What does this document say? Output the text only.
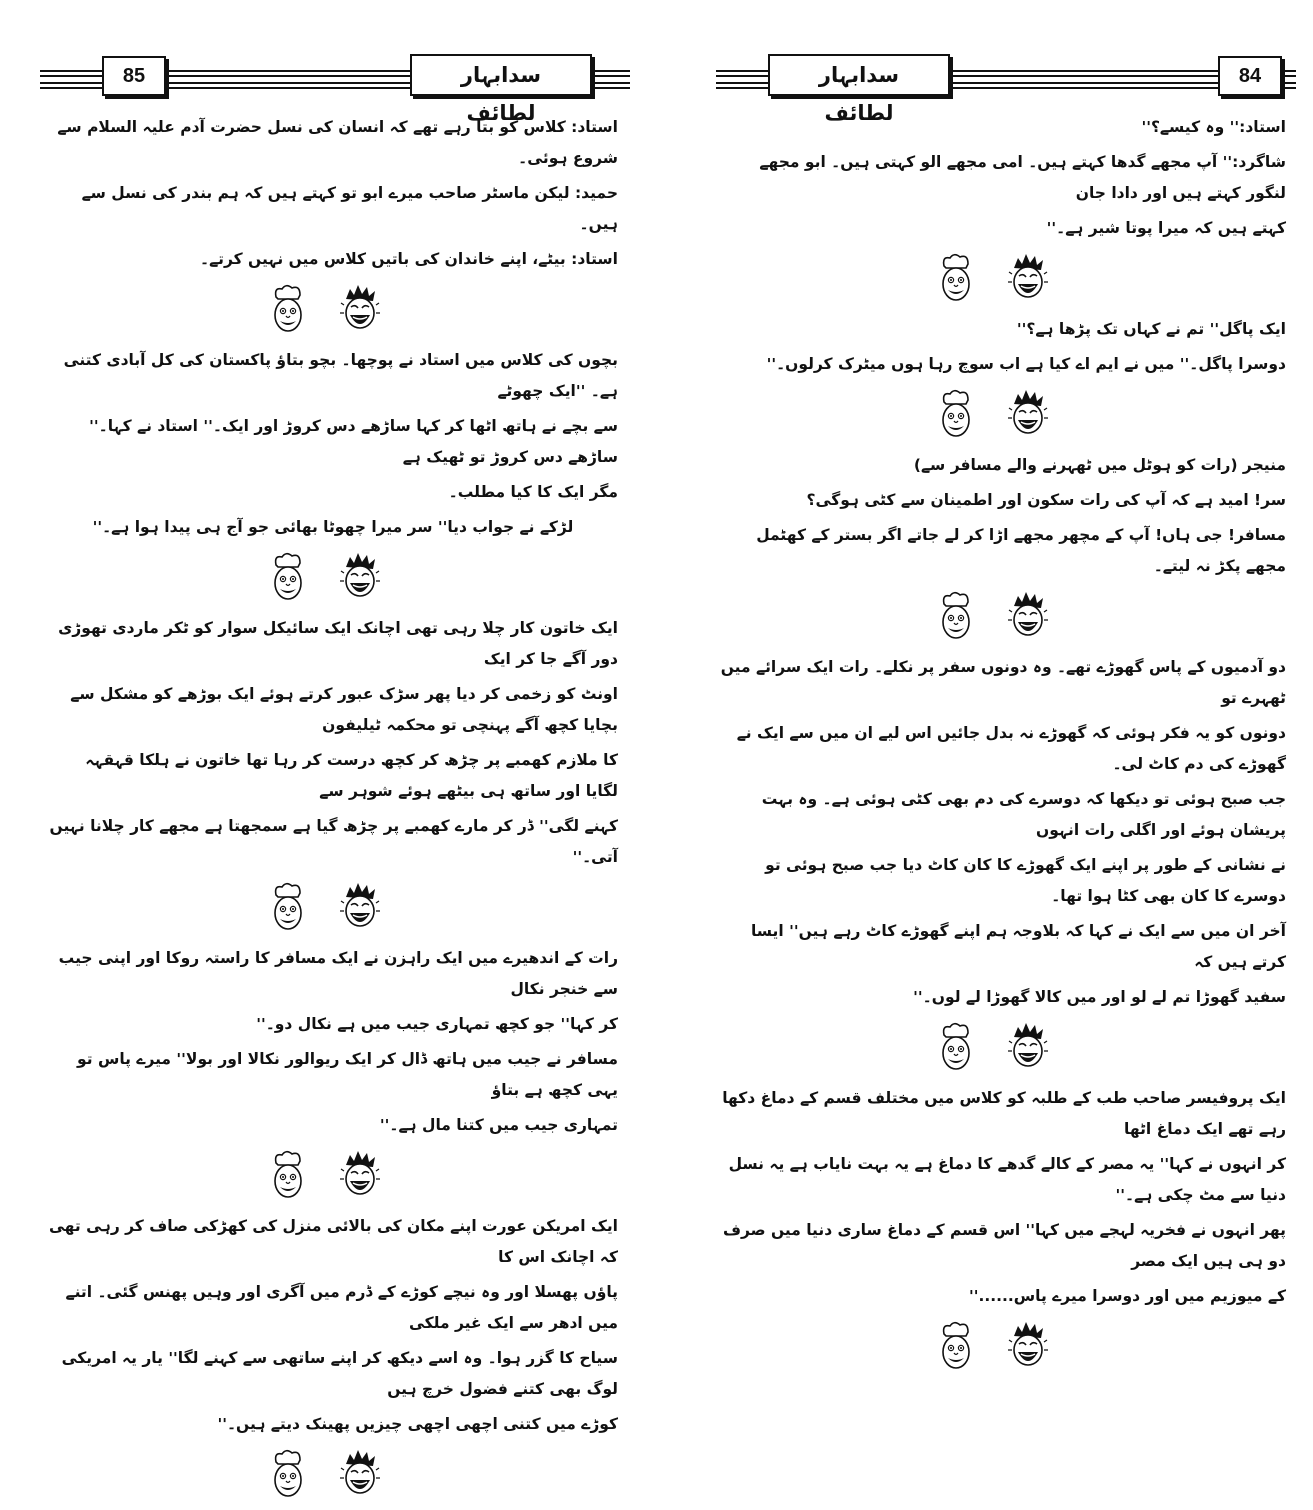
85	سدابہار لطائف
استاد: کلاس کو بتا رہے تھے کہ انسان کی نسل حضرت آدم علیہ السلام سے شروع ہوئی۔
حمید: لیکن ماسٹر صاحب میرے ابو تو کہتے ہیں کہ ہم بندر کی نسل سے ہیں۔
استاد: بیٹے، اپنے خاندان کی باتیں کلاس میں نہیں کرتے۔
بچوں کی کلاس میں استاد نے پوچھا۔ بچو بتاؤ پاکستان کی کل آبادی کتنی ہے۔ ''ایک چھوٹے
سے بچے نے ہاتھ اٹھا کر کہا ساڑھے دس کروڑ اور ایک۔'' استاد نے کہا۔'' ساڑھے دس کروڑ تو ٹھیک ہے
مگر ایک کا کیا مطلب۔
لڑکے نے جواب دیا'' سر میرا چھوٹا بھائی جو آج ہی پیدا ہوا ہے۔''
ایک خاتون کار چلا رہی تھی اچانک ایک سائیکل سوار کو ٹکر ماردی تھوڑی دور آگے جا کر ایک
اونٹ کو زخمی کر دیا پھر سڑک عبور کرتے ہوئے ایک بوڑھے کو مشکل سے بچایا کچھ آگے پہنچی تو محکمہ ٹیلیفون
کا ملازم کھمبے پر چڑھ کر کچھ درست کر رہا تھا خاتون نے ہلکا قہقہہ لگایا اور ساتھ ہی بیٹھے ہوئے شوہر سے
کہنے لگی'' ڈر کر مارے کھمبے پر چڑھ گیا ہے سمجھتا ہے مجھے کار چلانا نہیں آتی۔''
رات کے اندھیرے میں ایک راہزن نے ایک مسافر کا راستہ روکا اور اپنی جیب سے خنجر نکال
کر کہا'' جو کچھ تمہاری جیب میں ہے نکال دو۔''
مسافر نے جیب میں ہاتھ ڈال کر ایک ریوالور نکالا اور بولا'' میرے پاس تو یہی کچھ ہے بتاؤ
تمہاری جیب میں کتنا مال ہے۔''
ایک امریکن عورت اپنے مکان کی بالائی منزل کی کھڑکی صاف کر رہی تھی کہ اچانک اس کا
پاؤں پھسلا اور وہ نیچے کوڑے کے ڈرم میں آگری اور وہیں پھنس گئی۔ اتنے میں ادھر سے ایک غیر ملکی
سیاح کا گزر ہوا۔ وہ اسے دیکھ کر اپنے ساتھی سے کہنے لگا'' یار یہ امریکی لوگ بھی کتنے فضول خرچ ہیں
کوڑے میں کتنی اچھی اچھی چیزیں پھینک دیتے ہیں۔''
سدابہار لطائف
84
استاد:'' وہ کیسے؟''
شاگرد:'' آپ مجھے گدھا کہتے ہیں۔ امی مجھے الو کہتی ہیں۔ ابو مجھے لنگور کہتے ہیں اور دادا جان
کہتے ہیں کہ میرا پوتا شیر ہے۔''
ایک پاگل'' تم نے کہاں تک پڑھا ہے؟''
دوسرا پاگل۔'' میں نے ایم اے کیا ہے اب سوچ رہا ہوں میٹرک کرلوں۔''
منیجر (رات کو ہوٹل میں ٹھہرنے والے مسافر سے)
سر! امید ہے کہ آپ کی رات سکون اور اطمینان سے کٹی ہوگی؟
مسافر! جی ہاں! آپ کے مچھر مجھے اڑا کر لے جاتے اگر بستر کے کھٹمل مجھے پکڑ نہ لیتے۔
دو آدمیوں کے پاس گھوڑے تھے۔ وہ دونوں سفر پر نکلے۔ رات ایک سرائے میں ٹھہرے تو
دونوں کو یہ فکر ہوئی کہ گھوڑے نہ بدل جائیں اس لیے ان میں سے ایک نے گھوڑے کی دم کاٹ لی۔
جب صبح ہوئی تو دیکھا کہ دوسرے کی دم بھی کٹی ہوئی ہے۔ وہ بہت پریشان ہوئے اور اگلی رات انہوں
نے نشانی کے طور پر اپنے ایک گھوڑے کا کان کاٹ دیا جب صبح ہوئی تو دوسرے کا کان بھی کٹا ہوا تھا۔
آخر ان میں سے ایک نے کہا کہ بلاوجہ ہم اپنے گھوڑے کاٹ رہے ہیں'' ایسا کرتے ہیں کہ
سفید گھوڑا تم لے لو اور میں کالا گھوڑا لے لوں۔''
ایک پروفیسر صاحب طب کے طلبہ کو کلاس میں مختلف قسم کے دماغ دکھا رہے تھے ایک دماغ اٹھا
کر انہوں نے کہا'' یہ مصر کے کالے گدھے کا دماغ ہے یہ بہت نایاب ہے یہ نسل دنیا سے مٹ چکی ہے۔''
پھر انہوں نے فخریہ لہجے میں کہا'' اس قسم کے دماغ ساری دنیا میں صرف دو ہی ہیں ایک مصر
کے میوزیم میں اور دوسرا میرے پاس......''
